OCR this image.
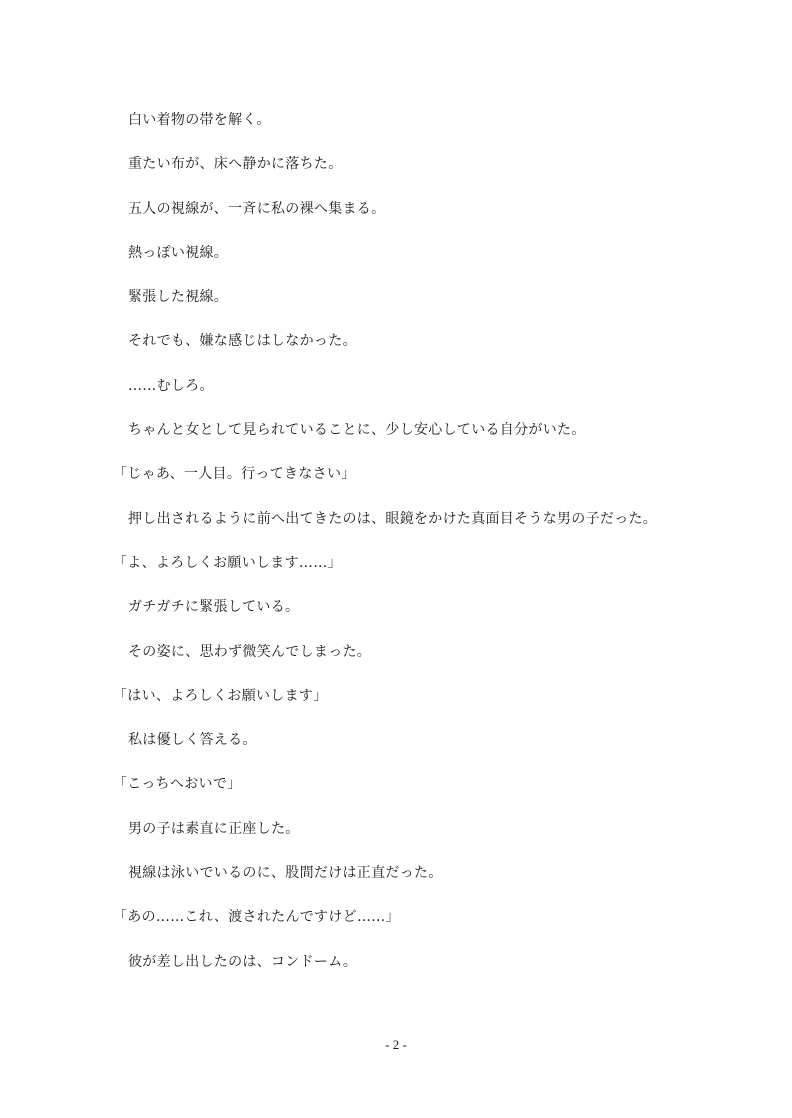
白い着物の帯を解く。

重たい布が、床へ静かに落ちた。

五人の視線が、一斉に私の裸へ集まる。

熱っぽい視線。

緊張した視線。

それでも、嫌な感じはしなかった。

……むしろ。

ちゃんと女として見られていることに、少し安心している自分がいた。

「じゃあ、一人目。行ってきなさい」

押し出されるように前へ出てきたのは、眼鏡をかけた真面目そうな男の子だった。

「よ、よろしくお願いします……」

ガチガチに緊張している。

その姿に、思わず微笑んでしまった。

「はい、よろしくお願いします」

私は優しく答える。

「こっちへおいで」

男の子は素直に正座した。

視線は泳いでいるのに、股間だけは正直だった。

「あの……これ、渡されたんですけど……」

彼が差し出したのは、コンドーム。

- 2 -
